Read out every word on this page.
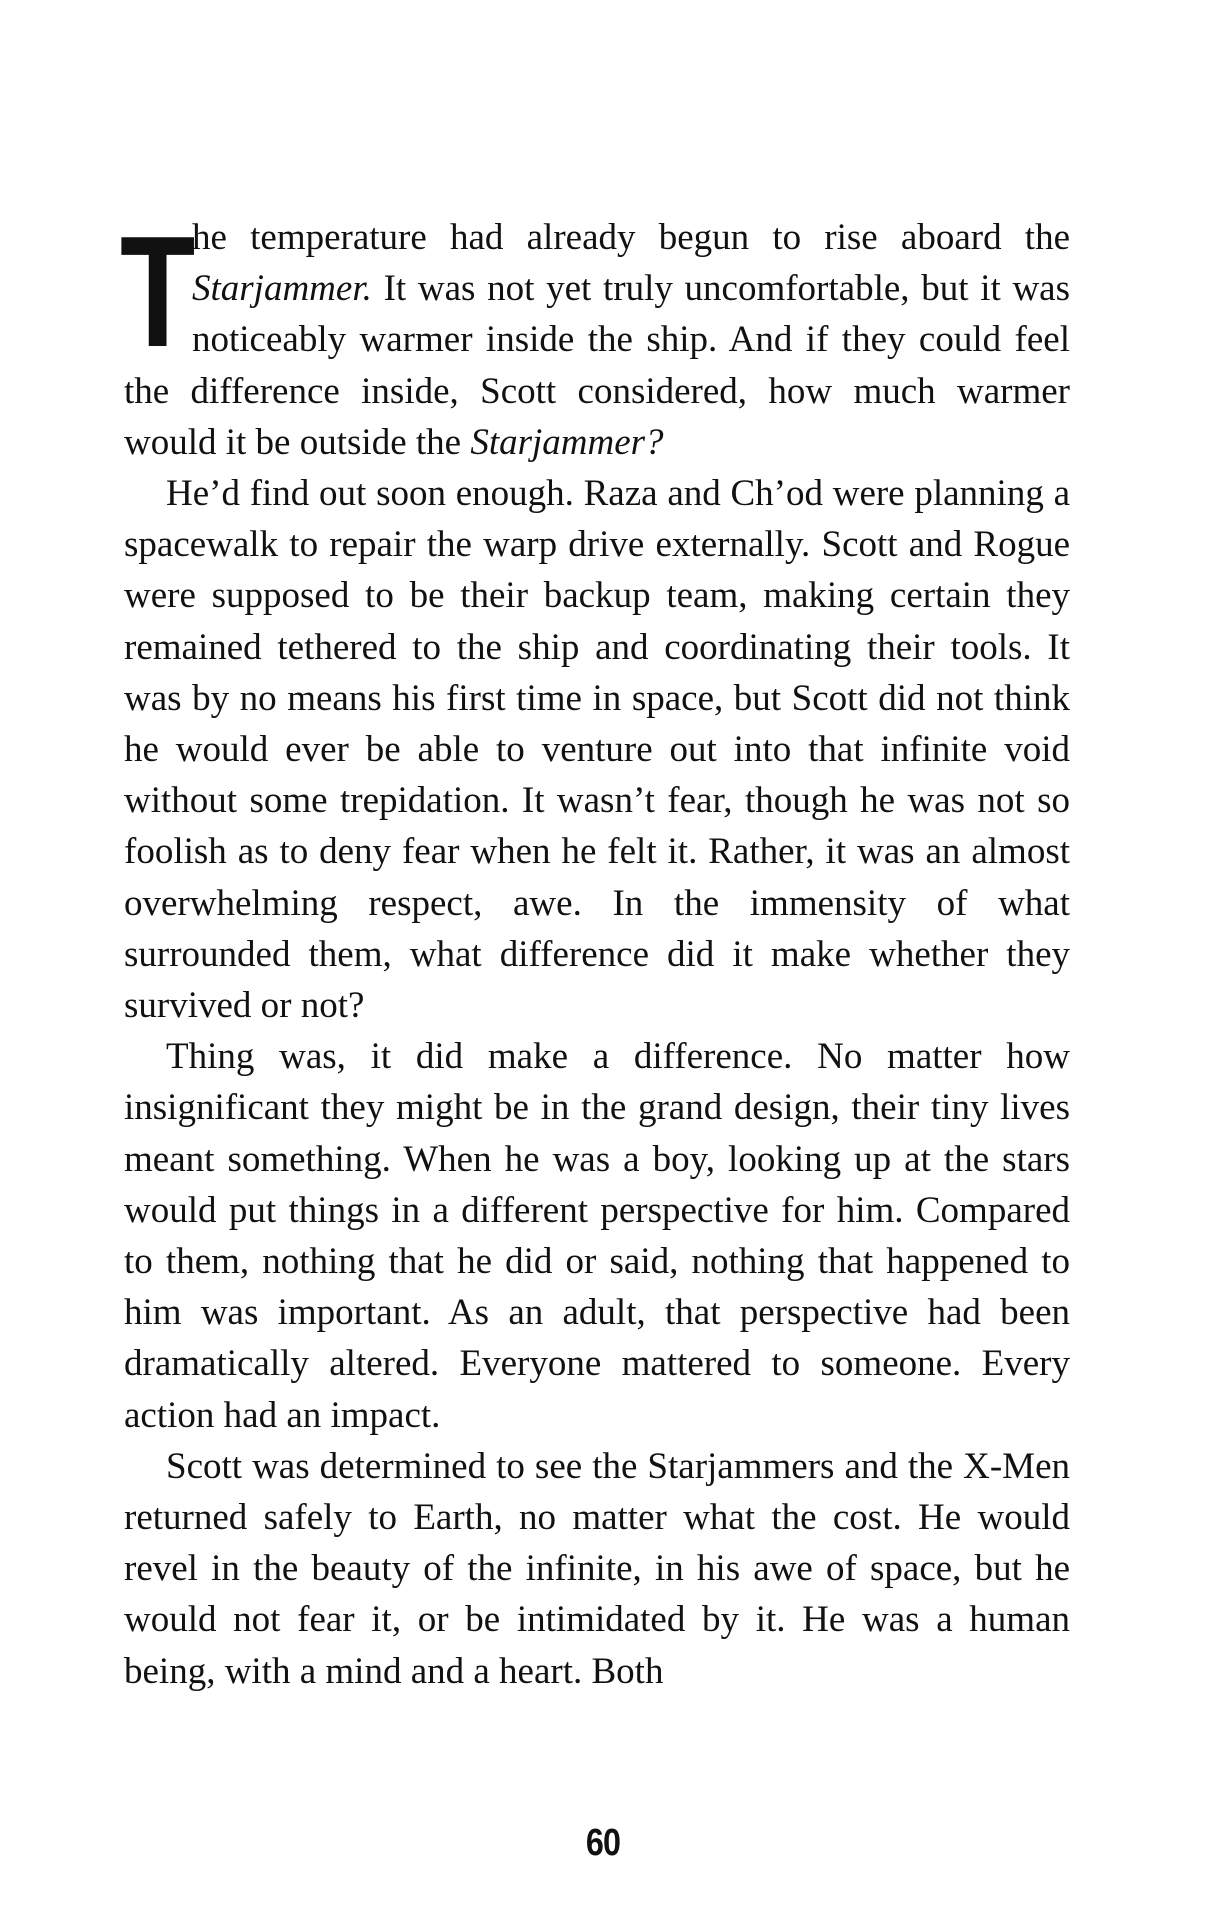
T
he temperature had already begun to rise aboard the Starjammer. It was not yet truly uncomfortable, but it was noticeably warmer inside the ship. And if they could feel the difference inside, Scott considered, how much warmer would it be outside the Starjammer?

He’d find out soon enough. Raza and Ch’od were planning a spacewalk to repair the warp drive externally. Scott and Rogue were supposed to be their backup team, making certain they remained tethered to the ship and coordinating their tools. It was by no means his first time in space, but Scott did not think he would ever be able to venture out into that infinite void without some trepidation. It wasn’t fear, though he was not so foolish as to deny fear when he felt it. Rather, it was an almost overwhelming respect, awe. In the immensity of what surrounded them, what difference did it make whether they survived or not?

Thing was, it did make a difference. No matter how insignificant they might be in the grand design, their tiny lives meant something. When he was a boy, looking up at the stars would put things in a different perspective for him. Compared to them, nothing that he did or said, nothing that happened to him was important. As an adult, that perspective had been dramatically altered. Everyone mattered to someone. Every action had an impact.

Scott was determined to see the Starjammers and the X-Men returned safely to Earth, no matter what the cost. He would revel in the beauty of the infinite, in his awe of space, but he would not fear it, or be intimidated by it. He was a human being, with a mind and a heart. Both

60
